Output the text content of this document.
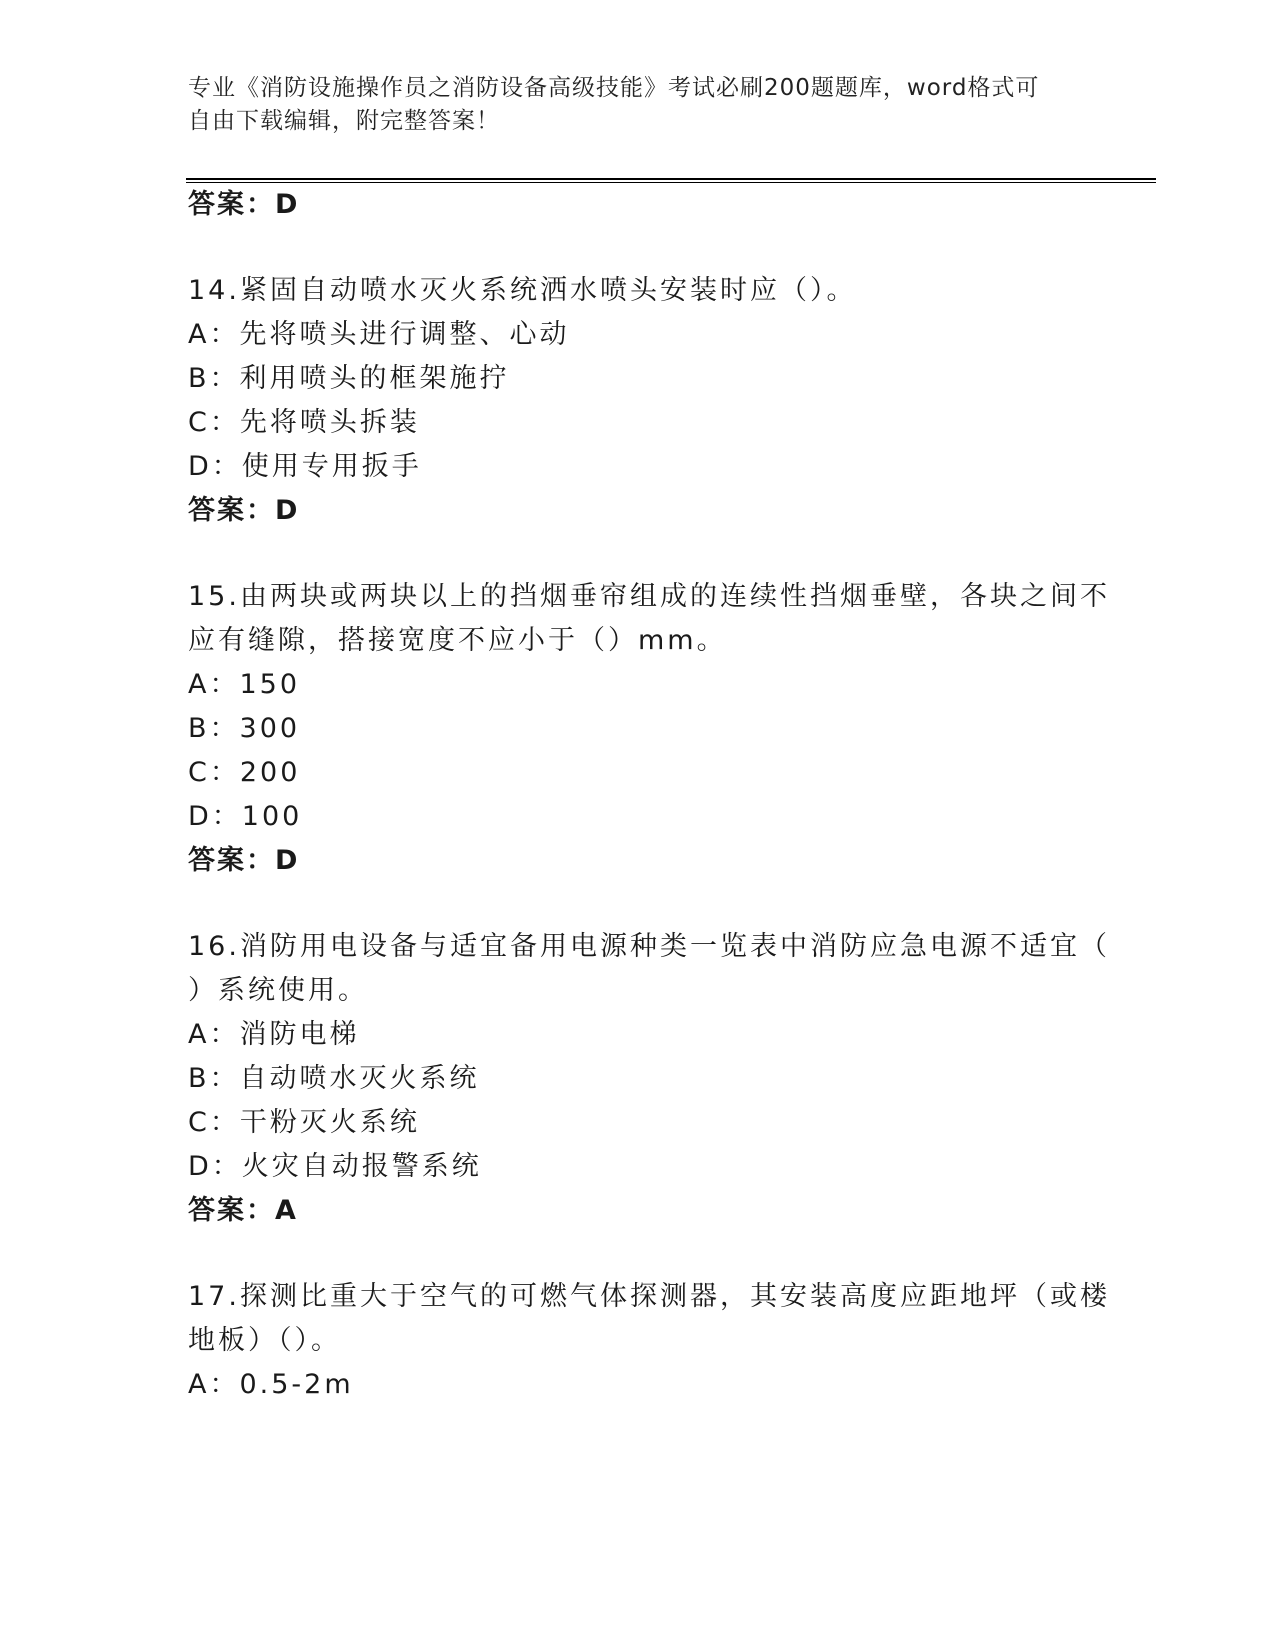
专业《消防设施操作员之消防设备高级技能》考试必刷200题题库，word格式可
自由下载编辑，附完整答案！
答案：D
14.紧固自动喷水灭火系统洒水喷头安装时应（）。
A：先将喷头进行调整、心动
B：利用喷头的框架施拧
C：先将喷头拆装
D：使用专用扳手
答案：D
15.由两块或两块以上的挡烟垂帘组成的连续性挡烟垂壁，各块之间不
应有缝隙，搭接宽度不应小于（）mm。
A：150
B：300
C：200
D：100
答案：D
16.消防用电设备与适宜备用电源种类一览表中消防应急电源不适宜（
）系统使用。
A：消防电梯
B：自动喷水灭火系统
C：干粉灭火系统
D：火灾自动报警系统
答案：A
17.探测比重大于空气的可燃气体探测器，其安装高度应距地坪（或楼
地板）（）。
A：0.5-2m
